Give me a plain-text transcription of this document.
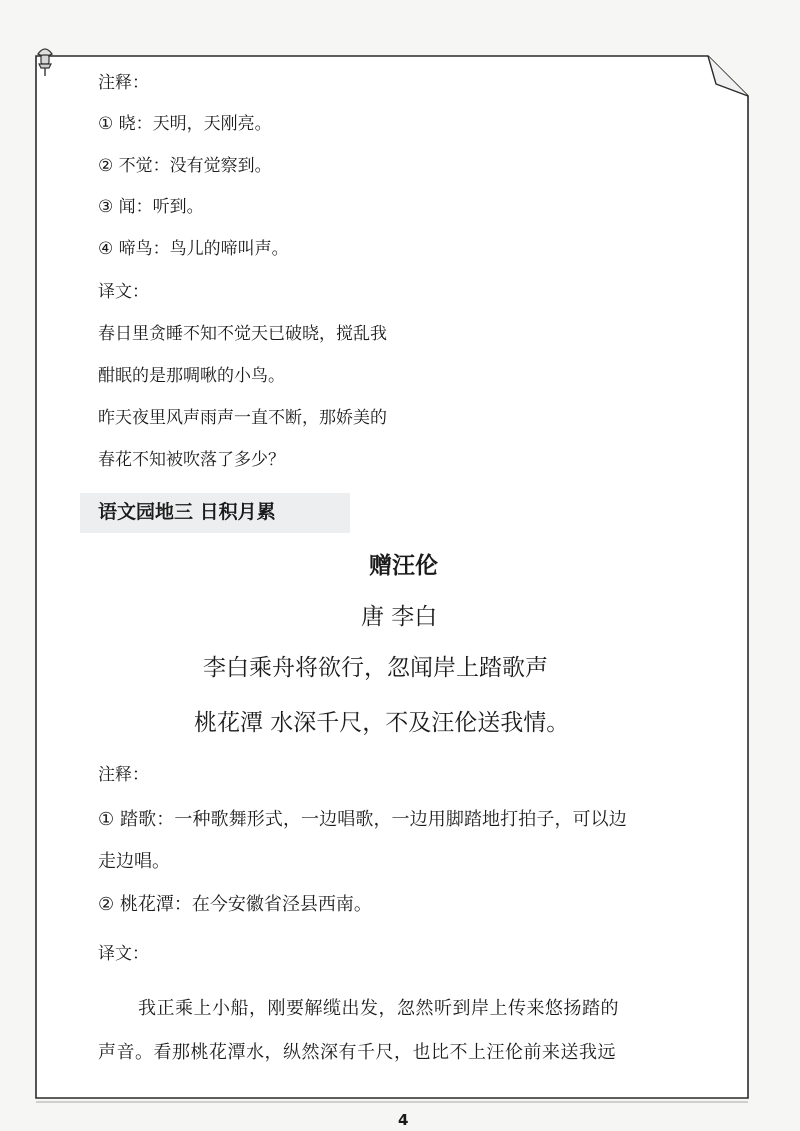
注释：
① 晓：天明，天刚亮。
② 不觉：没有觉察到。
③ 闻：听到。
④ 啼鸟：鸟儿的啼叫声。
译文：
春日里贪睡不知不觉天已破晓，搅乱我
酣眠的是那啁啾的小鸟。
昨天夜里风声雨声一直不断，那娇美的
春花不知被吹落了多少？
语文园地三 日积月累
赠汪伦
唐 李白
李白乘舟将欲行，忽闻岸上踏歌声
桃花潭 水深千尺，不及汪伦送我情。
注释：
① 踏歌：一种歌舞形式，一边唱歌，一边用脚踏地打拍子，可以边
走边唱。
② 桃花潭：在今安徽省泾县西南。
译文：
我正乘上小船，刚要解缆出发，忽然听到岸上传来悠扬踏的
声音。看那桃花潭水，纵然深有千尺，也比不上汪伦前来送我远
4
